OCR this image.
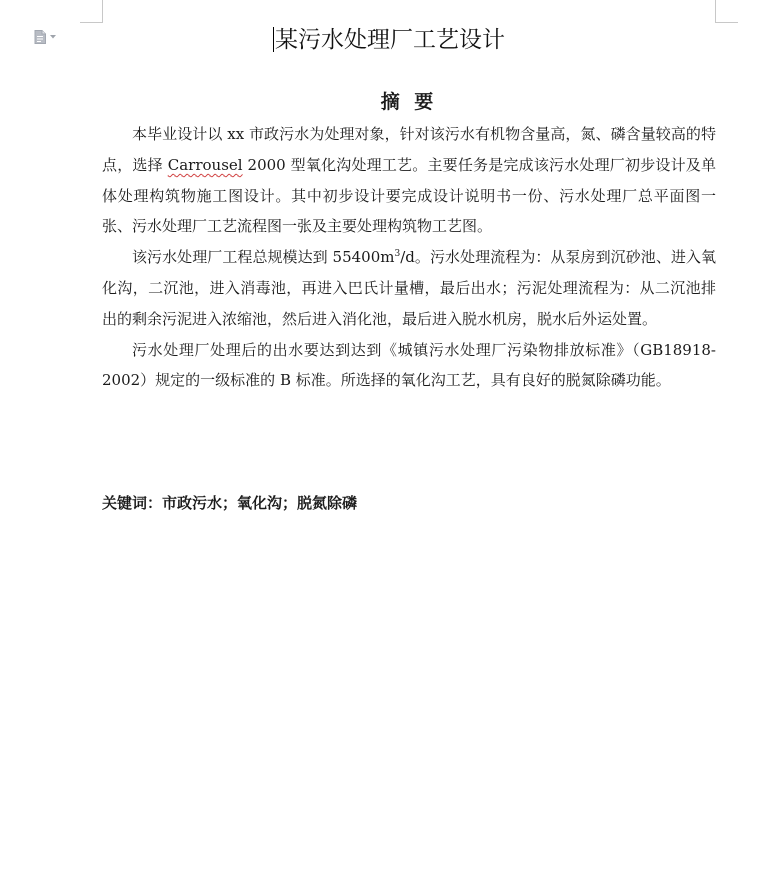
某污水处理厂工艺设计
摘 要

本毕业设计以 xx 市政污水为处理对象，针对该污水有机物含量高，氮、磷含量较高的特点，选择 Carrousel 2000 型氧化沟处理工艺。主要任务是完成该污水处理厂初步设计及单体处理构筑物施工图设计。其中初步设计要完成设计说明书一份、污水处理厂总平面图一张、污水处理厂工艺流程图一张及主要处理构筑物工艺图。

该污水处理厂工程总规模达到 $55400m^3/d$。污水处理流程为：从泵房到沉砂池、进入氧化沟，二沉池，进入消毒池，再进入巴氏计量槽，最后出水；污泥处理流程为：从二沉池排出的剩余污泥进入浓缩池，然后进入消化池，最后进入脱水机房，脱水后外运处置。

污水处理厂处理后的出水要达到达到《城镇污水处理厂污染物排放标准》（GB18918-2002）规定的一级标准的 B 标准。所选择的氧化沟工艺，具有良好的脱氮除磷功能。

关键词：市政污水；氧化沟；脱氮除磷
